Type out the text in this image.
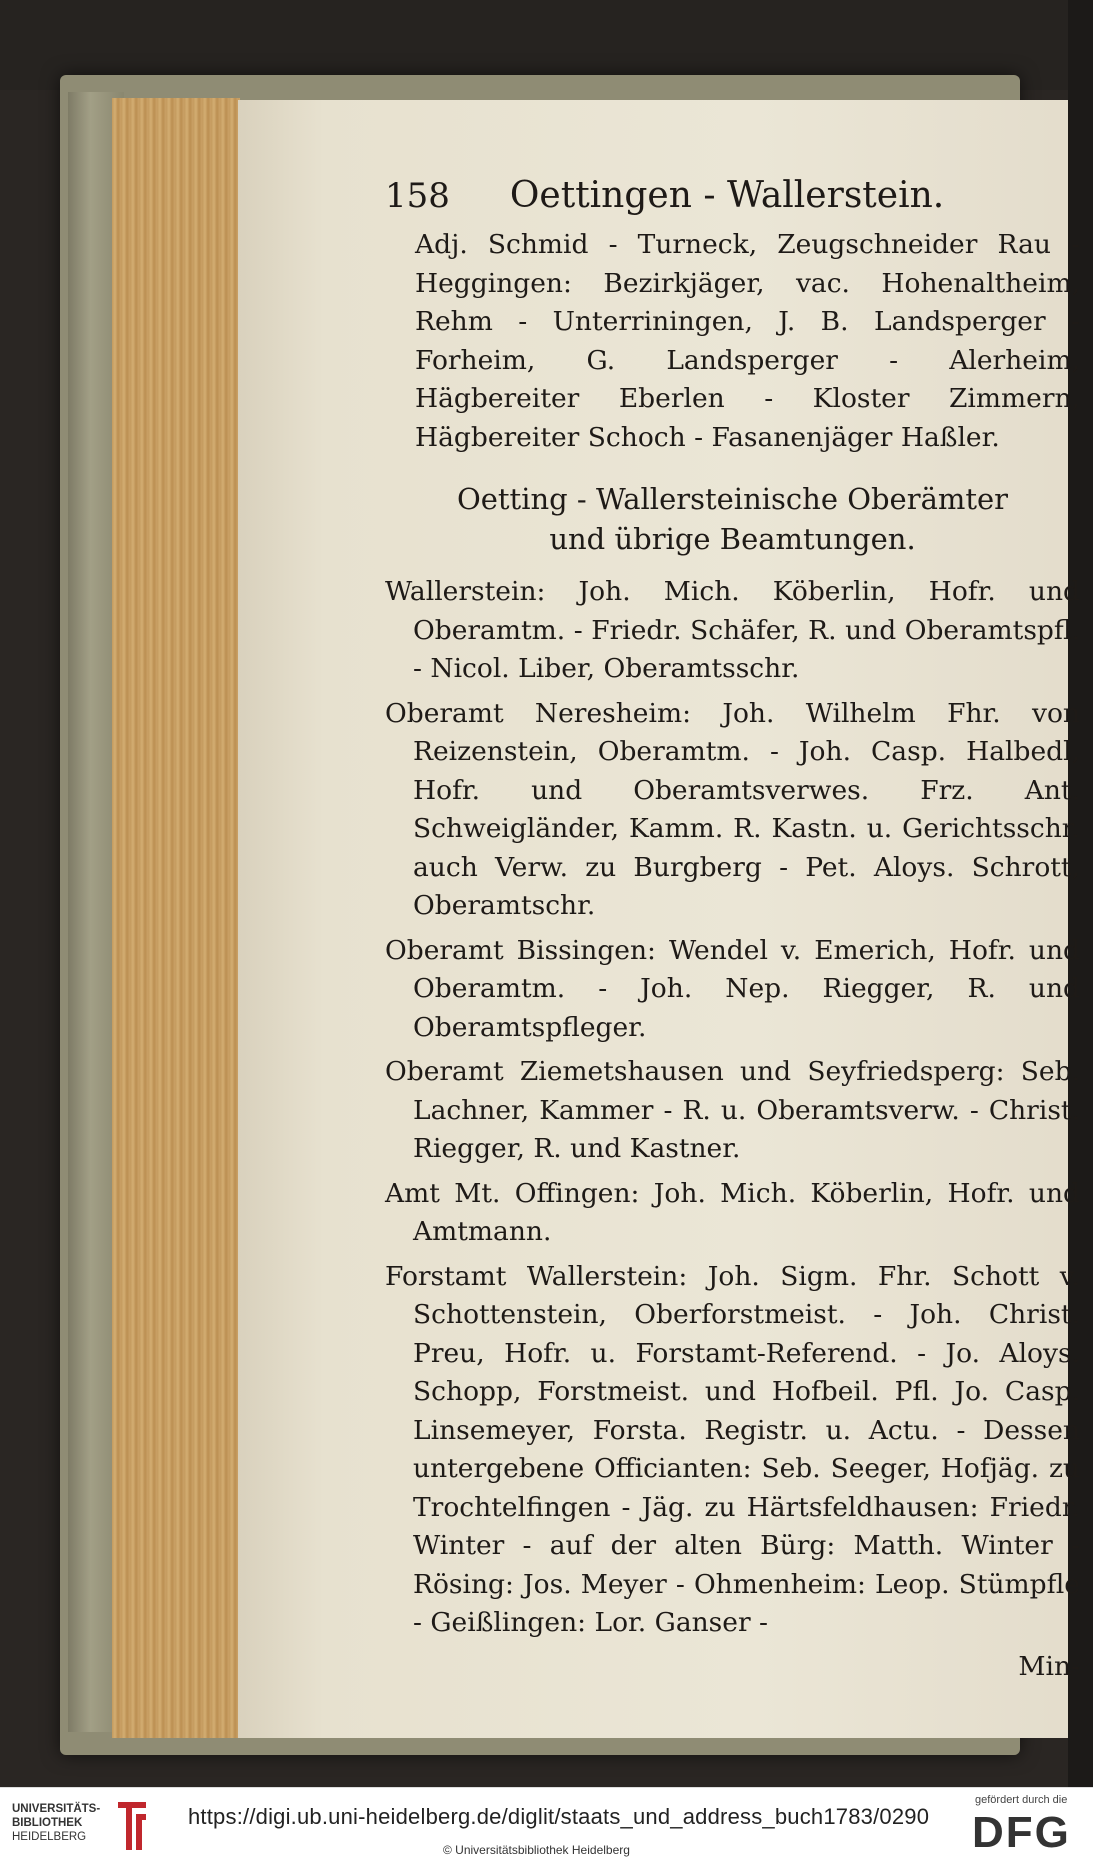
158 Oettingen - Wallerstein.

Adj. Schmid - Turneck, Zeugschneider Rau - Heggingen: Bezirkjäger, vac. Hohenaltheim, Rehm - Unterriningen, J. B. Landsperger - Forheim, G. Landsperger - Alerheim, Hägbereiter Eberlen - Kloster Zimmern, Hägbereiter Schoch - Fasanenjäger Haßler.

Oetting - Wallersteinische Oberämter
und übrige Beamtungen.

Wallerstein: Joh. Mich. Köberlin, Hofr. und Oberamtm. - Friedr. Schäfer, R. und Oberamtspfl. - Nicol. Liber, Oberamtsschr.

Oberamt Neresheim: Joh. Wilhelm Fhr. von Reizenstein, Oberamtm. - Joh. Casp. Halbedl, Hofr. und Oberamtsverwes. Frz. Ant. Schweigländer, Kamm. R. Kastn. u. Gerichtsschr. auch Verw. zu Burgberg - Pet. Aloys. Schrott, Oberamtschr.

Oberamt Bissingen: Wendel v. Emerich, Hofr. und Oberamtm. - Joh. Nep. Riegger, R. und Oberamtspfleger.

Oberamt Ziemetshausen und Seyfriedsperg: Seb. Lachner, Kammer - R. u. Oberamtsverw. - Christ. Riegger, R. und Kastner.

Amt Mt. Offingen: Joh. Mich. Köberlin, Hofr. und Amtmann.

Forstamt Wallerstein: Joh. Sigm. Fhr. Schott v. Schottenstein, Oberforstmeist. - Joh. Christ. Preu, Hofr. u. Forstamt-Referend. - Jo. Aloys. Schopp, Forstmeist. und Hofbeil. Pfl. Jo. Casp. Linsemeyer, Forsta. Registr. u. Actu. - Dessen untergebene Officianten: Seb. Seeger, Hofjäg. zu Trochtelfingen - Jäg. zu Härtsfeldhausen: Friedr. Winter - auf der alten Bürg: Matth. Winter - Rösing: Jos. Meyer - Ohmenheim: Leop. Stümpfle - Geißlingen: Lor. Ganser -

Min-
UNIVERSITÄTS-
BIBLIOTHEK
HEIDELBERG
https://digi.ub.uni-heidelberg.de/diglit/staats_und_address_buch1783/0290
© Universitätsbibliothek Heidelberg
gefördert durch die
DFG
